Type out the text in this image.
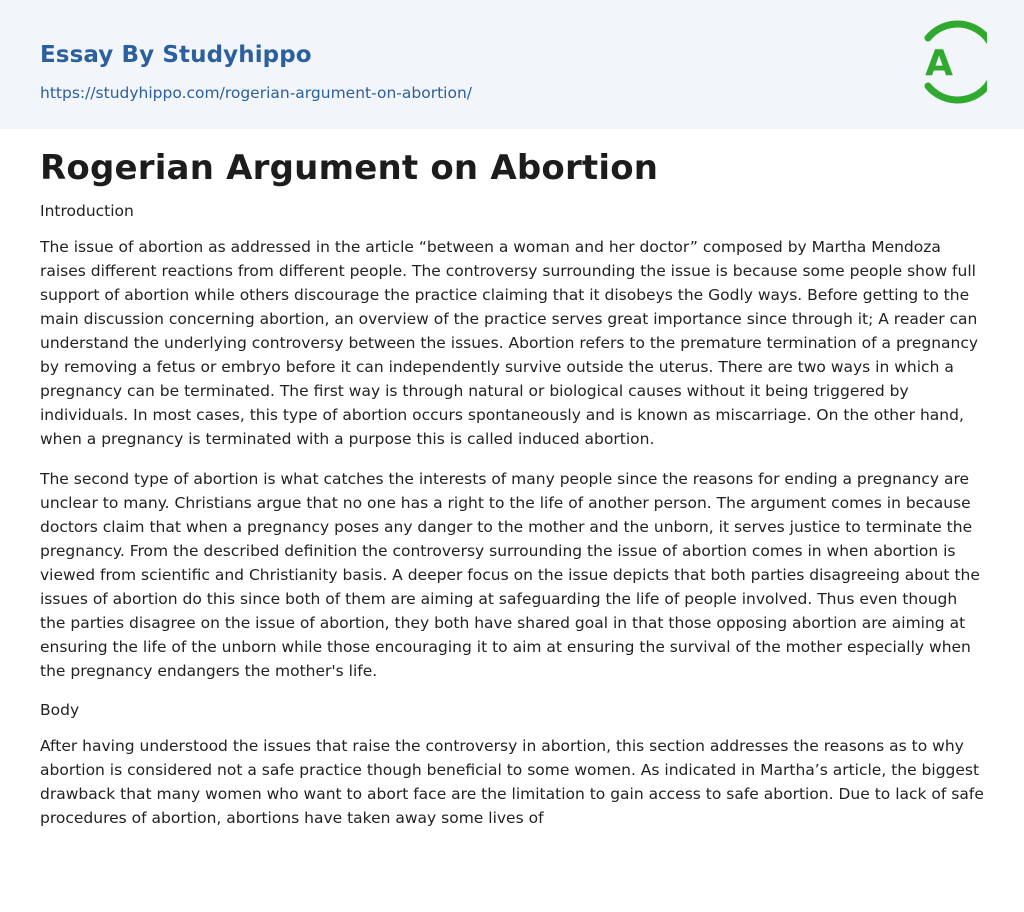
Essay By Studyhippo
https://studyhippo.com/rogerian-argument-on-abortion/
A
Rogerian Argument on Abortion
Introduction

The issue of abortion as addressed in the article “between a woman and her doctor” composed by Martha Mendoza raises different reactions from different people. The controversy surrounding the issue is because some people show full support of abortion while others discourage the practice claiming that it disobeys the Godly ways. Before getting to the main discussion concerning abortion, an overview of the practice serves great importance since through it; A reader can understand the underlying controversy between the issues. Abortion refers to the premature termination of a pregnancy by removing a fetus or embryo before it can independently survive outside the uterus. There are two ways in which a pregnancy can be terminated. The first way is through natural or biological causes without it being triggered by individuals. In most cases, this type of abortion occurs spontaneously and is known as miscarriage. On the other hand, when a pregnancy is terminated with a purpose this is called induced abortion.

The second type of abortion is what catches the interests of many people since the reasons for ending a pregnancy are unclear to many. Christians argue that no one has a right to the life of another person. The argument comes in because doctors claim that when a pregnancy poses any danger to the mother and the unborn, it serves justice to terminate the pregnancy. From the described definition the controversy surrounding the issue of abortion comes in when abortion is viewed from scientific and Christianity basis. A deeper focus on the issue depicts that both parties disagreeing about the issues of abortion do this since both of them are aiming at safeguarding the life of people involved. Thus even though the parties disagree on the issue of abortion, they both have shared goal in that those opposing abortion are aiming at ensuring the life of the unborn while those encouraging it to aim at ensuring the survival of the mother especially when the pregnancy endangers the mother's life.

Body

After having understood the issues that raise the controversy in abortion, this section addresses the reasons as to why abortion is considered not a safe practice though beneficial to some women. As indicated in Martha’s article, the biggest drawback that many women who want to abort face are the limitation to gain access to safe abortion. Due to lack of safe procedures of abortion, abortions have taken away some lives of
